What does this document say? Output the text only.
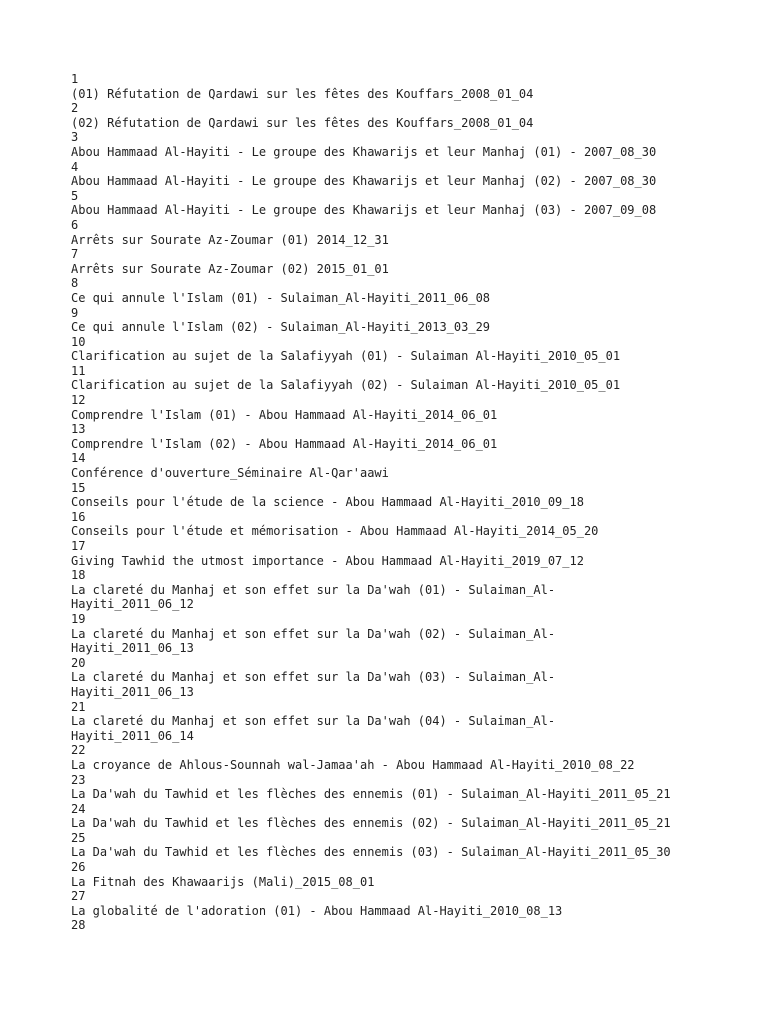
1
(01) Réfutation de Qardawi sur les fêtes des Kouffars_2008_01_04
2
(02) Réfutation de Qardawi sur les fêtes des Kouffars_2008_01_04
3
Abou Hammaad Al-Hayiti - Le groupe des Khawarijs et leur Manhaj (01) - 2007_08_30
4
Abou Hammaad Al-Hayiti - Le groupe des Khawarijs et leur Manhaj (02) - 2007_08_30
5
Abou Hammaad Al-Hayiti - Le groupe des Khawarijs et leur Manhaj (03) - 2007_09_08
6
Arrêts sur Sourate Az-Zoumar (01) 2014_12_31
7
Arrêts sur Sourate Az-Zoumar (02) 2015_01_01
8
Ce qui annule l'Islam (01) - Sulaiman_Al-Hayiti_2011_06_08
9
Ce qui annule l'Islam (02) - Sulaiman_Al-Hayiti_2013_03_29
10
Clarification au sujet de la Salafiyyah (01) - Sulaiman Al-Hayiti_2010_05_01
11
Clarification au sujet de la Salafiyyah (02) - Sulaiman Al-Hayiti_2010_05_01
12
Comprendre l'Islam (01) - Abou Hammaad Al-Hayiti_2014_06_01
13
Comprendre l'Islam (02) - Abou Hammaad Al-Hayiti_2014_06_01
14
Conférence d'ouverture_Séminaire Al-Qar'aawi
15
Conseils pour l'étude de la science - Abou Hammaad Al-Hayiti_2010_09_18
16
Conseils pour l'étude et mémorisation - Abou Hammaad Al-Hayiti_2014_05_20
17
Giving Tawhid the utmost importance - Abou Hammaad Al-Hayiti_2019_07_12
18
La clareté du Manhaj et son effet sur la Da'wah (01) - Sulaiman_Al-
Hayiti_2011_06_12
19
La clareté du Manhaj et son effet sur la Da'wah (02) - Sulaiman_Al-
Hayiti_2011_06_13
20
La clareté du Manhaj et son effet sur la Da'wah (03) - Sulaiman_Al-
Hayiti_2011_06_13
21
La clareté du Manhaj et son effet sur la Da'wah (04) - Sulaiman_Al-
Hayiti_2011_06_14
22
La croyance de Ahlous-Sounnah wal-Jamaa'ah - Abou Hammaad Al-Hayiti_2010_08_22
23
La Da'wah du Tawhid et les flèches des ennemis (01) - Sulaiman_Al-Hayiti_2011_05_21
24
La Da'wah du Tawhid et les flèches des ennemis (02) - Sulaiman_Al-Hayiti_2011_05_21
25
La Da'wah du Tawhid et les flèches des ennemis (03) - Sulaiman_Al-Hayiti_2011_05_30
26
La Fitnah des Khawaarijs (Mali)_2015_08_01
27
La globalité de l'adoration (01) - Abou Hammaad Al-Hayiti_2010_08_13
28
